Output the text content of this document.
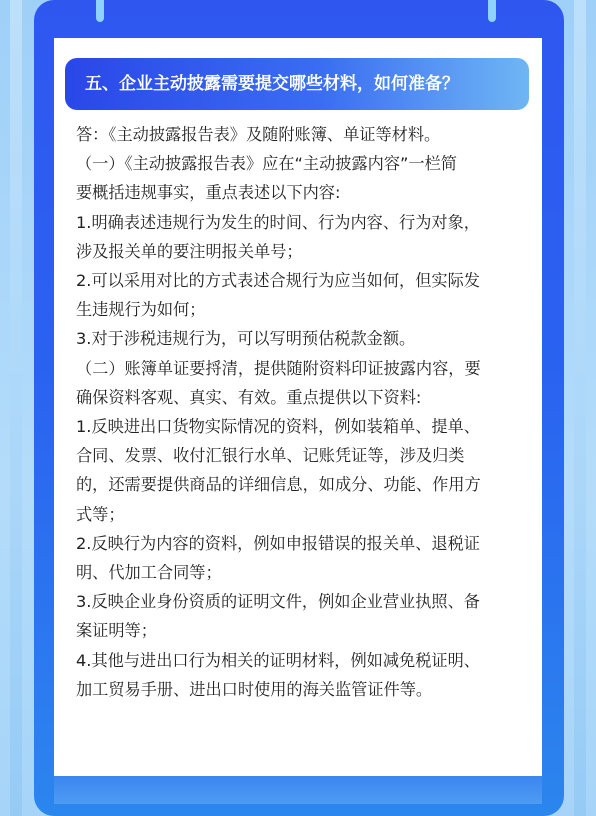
五、企业主动披露需要提交哪些材料，如何准备？

答：《主动披露报告表》及随附账簿、单证等材料。

（一）《主动披露报告表》应在“主动披露内容”一栏简

要概括违规事实，重点表述以下内容:

1.明确表述违规行为发生的时间、行为内容、行为对象，

涉及报关单的要注明报关单号；

2.可以采用对比的方式表述合规行为应当如何，但实际发

生违规行为如何；

3.对于涉税违规行为，可以写明预估税款金额。

（二）账簿单证要捋清，提供随附资料印证披露内容，要

确保资料客观、真实、有效。重点提供以下资料:

1.反映进出口货物实际情况的资料，例如装箱单、提单、

合同、发票、收付汇银行水单、记账凭证等，涉及归类

的，还需要提供商品的详细信息，如成分、功能、作用方

式等；

2.反映行为内容的资料，例如申报错误的报关单、退税证

明、代加工合同等；

3.反映企业身份资质的证明文件，例如企业营业执照、备

案证明等；

4.其他与进出口行为相关的证明材料，例如减免税证明、

加工贸易手册、进出口时使用的海关监管证件等。
